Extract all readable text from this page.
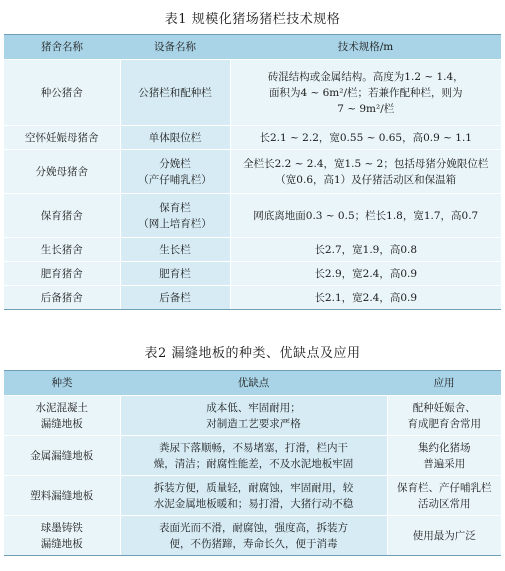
表1 规模化猪场猪栏技术规格
猪舍名称	设备名称	技术规格/m
种公猪舍	公猪栏和配种栏	砖混结构或金属结构。高度为1.2 ~ 1.4，
面积为4 ~ 6m²/栏；若兼作配种栏，则为
7 ~ 9m²/栏

空怀妊娠母猪舍	单体限位栏	长2.1 ~ 2.2，宽0.55 ~ 0.65，高0.9 ~ 1.1

分娩母猪舍	分娩栏
（产仔哺乳栏）	全栏长2.2 ~ 2.4，宽1.5 ~ 2；包括母猪分娩限位栏
（宽0.6，高1）及仔猪活动区和保温箱

保育猪舍	保育栏
（网上培育栏）	网底离地面0.3 ~ 0.5；栏长1.8，宽1.7，高0.7

生长猪舍	生长栏	长2.7，宽1.9，高0.8

肥育猪舍	肥育栏	长2.9，宽2.4，高0.9

后备猪舍	后备栏	长2.1，宽2.4，高0.9
表2 漏缝地板的种类、优缺点及应用
种类	优缺点	应用

水泥混凝土
漏缝地板	成本低、牢固耐用；
对制造工艺要求严格	配种妊娠舍、
育成肥育舍常用

金属漏缝地板	粪尿下落顺畅，不易堵塞，打滑，栏内干
燥，清洁；耐腐性能差，不及水泥地板牢固	集约化猪场
普遍采用

塑料漏缝地板	拆装方便，质量轻，耐腐蚀，牢固耐用，较
水泥金属地板暖和；易打滑，大猪行动不稳	保育栏、产仔哺乳栏
活动区常用

球墨铸铁
漏缝地板	表面光而不滑，耐腐蚀，强度高，拆装方
便，不伤猪蹄，寿命长久，便于消毒	使用最为广泛
